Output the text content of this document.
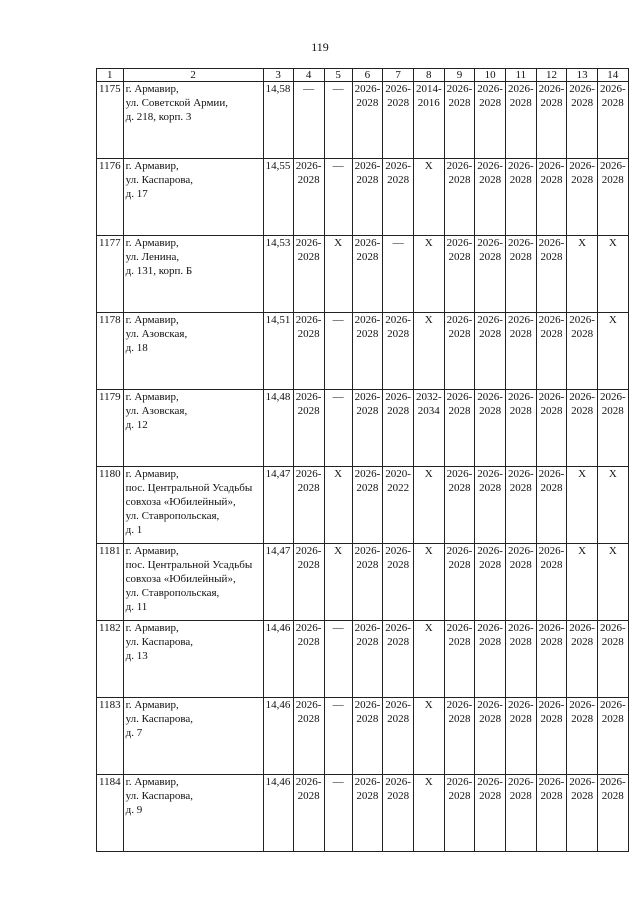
119
1	2	3	4	5	6	7	8	9	10	11	12	13	14
1175	г. Армавир,
ул. Советской Армии,
д. 218, корп. 3	14,58	—	—	2026-
2028	2026-
2028	2014-
2016	2026-
2028	2026-
2028	2026-
2028	2026-
2028	2026-
2028	2026-
2028
1176	г. Армавир,
ул. Каспарова,
д. 17	14,55	2026-
2028	—	2026-
2028	2026-
2028	Х	2026-
2028	2026-
2028	2026-
2028	2026-
2028	2026-
2028	2026-
2028
1177	г. Армавир,
ул. Ленина,
д. 131, корп. Б	14,53	2026-
2028	Х	2026-
2028	—	Х	2026-
2028	2026-
2028	2026-
2028	2026-
2028	Х	Х
1178	г. Армавир,
ул. Азовская,
д. 18	14,51	2026-
2028	—	2026-
2028	2026-
2028	Х	2026-
2028	2026-
2028	2026-
2028	2026-
2028	2026-
2028	Х
1179	г. Армавир,
ул. Азовская,
д. 12	14,48	2026-
2028	—	2026-
2028	2026-
2028	2032-
2034	2026-
2028	2026-
2028	2026-
2028	2026-
2028	2026-
2028	2026-
2028
1180	г. Армавир,
пос. Центральной Усадьбы
совхоза «Юбилейный»,
ул. Ставропольская,
д. 1	14,47	2026-
2028	Х	2026-
2028	2020-
2022	Х	2026-
2028	2026-
2028	2026-
2028	2026-
2028	Х	Х
1181	г. Армавир,
пос. Центральной Усадьбы
совхоза «Юбилейный»,
ул. Ставропольская,
д. 11	14,47	2026-
2028	Х	2026-
2028	2026-
2028	Х	2026-
2028	2026-
2028	2026-
2028	2026-
2028	Х	Х
1182	г. Армавир,
ул. Каспарова,
д. 13	14,46	2026-
2028	—	2026-
2028	2026-
2028	Х	2026-
2028	2026-
2028	2026-
2028	2026-
2028	2026-
2028	2026-
2028
1183	г. Армавир,
ул. Каспарова,
д. 7	14,46	2026-
2028	—	2026-
2028	2026-
2028	Х	2026-
2028	2026-
2028	2026-
2028	2026-
2028	2026-
2028	2026-
2028
1184	г. Армавир,
ул. Каспарова,
д. 9	14,46	2026-
2028	—	2026-
2028	2026-
2028	Х	2026-
2028	2026-
2028	2026-
2028	2026-
2028	2026-
2028	2026-
2028
